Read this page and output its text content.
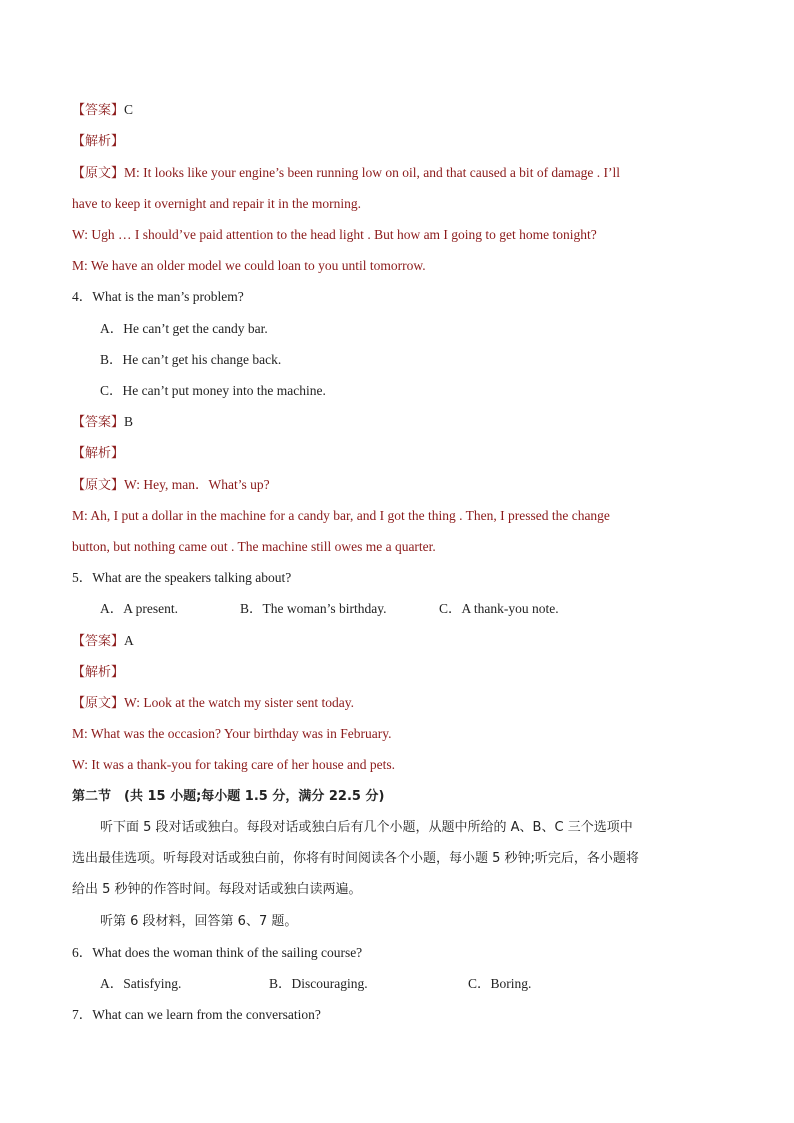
【答案】C
【解析】
【原文】M: It looks like your engine’s been running low on oil, and that caused a bit of damage . I’ll
have to keep it overnight and repair it in the morning.
W: Ugh … I should’ve paid attention to the head light . But how am I going to get home tonight?
M: We have an older model we could loan to you until tomorrow.
4．What is the man’s problem?
A．He can’t get the candy bar.
B．He can’t get his change back.
C．He can’t put money into the machine.
【答案】B
【解析】
【原文】W: Hey, man．What’s up?
M: Ah, I put a dollar in the machine for a candy bar, and I got the thing . Then, I pressed the change
button, but nothing came out . The machine still owes me a quarter.
5．What are the speakers talking about?
A．A present.	B．The woman’s birthday.	C．A thank-you note.
【答案】A
【解析】
【原文】W: Look at the watch my sister sent today.
M: What was the occasion? Your birthday was in February.
W: It was a thank-you for taking care of her house and pets.
第二节　(共 15 小题;每小题 1.5 分，满分 22.5 分)
听下面 5 段对话或独白。每段对话或独白后有几个小题，从题中所给的 A、B、C 三个选项中
选出最佳选项。听每段对话或独白前，你将有时间阅读各个小题，每小题 5 秒钟;听完后，各小题将
给出 5 秒钟的作答时间。每段对话或独白读两遍。
听第 6 段材料，回答第 6、7 题。
6．What does the woman think of the sailing course?
A．Satisfying.	B．Discouraging.	C．Boring.
7．What can we learn from the conversation?
